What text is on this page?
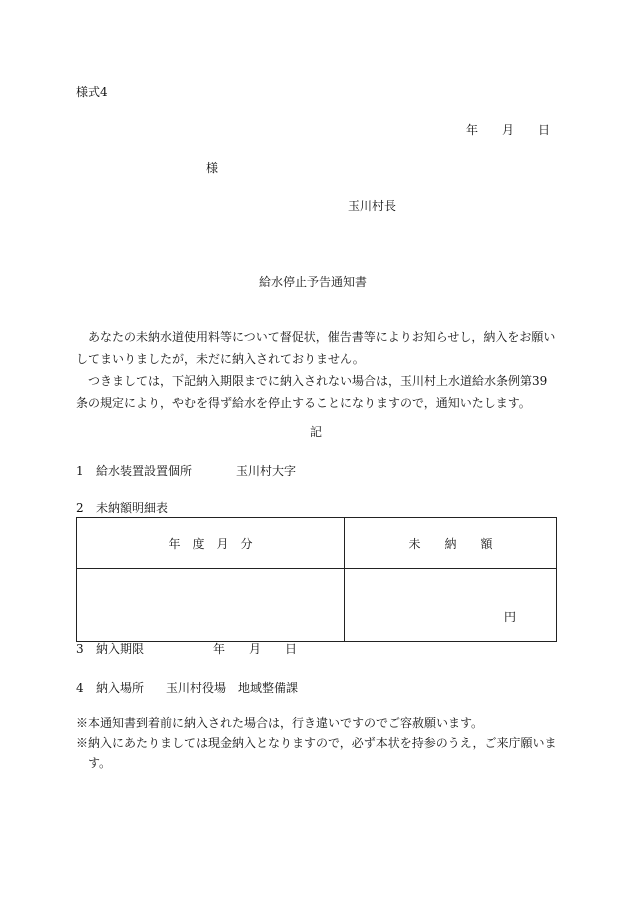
様式4
年　　月　　日
様
玉川村長
給水停止予告通知書

あなたの未納水道使用料等について督促状，催告書等によりお知らせし，納入をお願いしてまいりましたが，未だに納入されておりません。

つきましては，下記納入期限までに納入されない場合は，玉川村上水道給水条例第39条の規定により，やむを得ず給水を停止することになりますので，通知いたします。

記
1 給水装置設置個所	玉川村大字
2 未納額明細表
年　度　月　分	未　　納　　額
	円
3 納入期限	年　　月　　日
4 納入場所 玉川村役場　地域整備課
※本通知書到着前に納入された場合は，行き違いですのでご容赦願います。
※納入にあたりましては現金納入となりますので，必ず本状を持参のうえ，ご来庁願います。
